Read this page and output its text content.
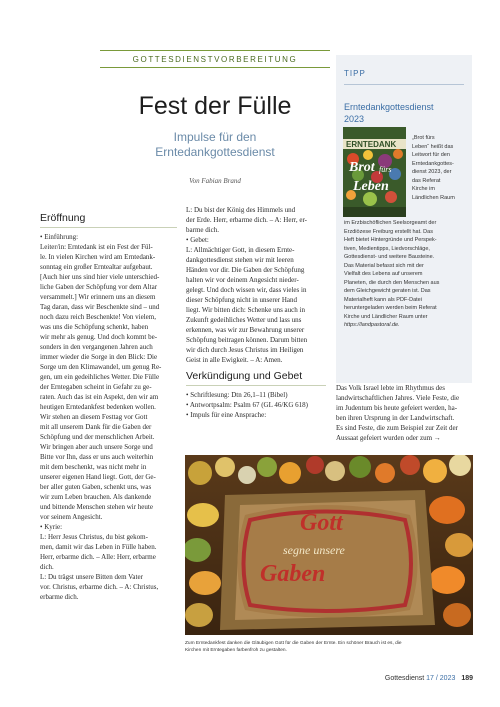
GOTTESDIENSTVORBEREITUNG
Fest der Fülle
Impulse für den
Erntedankgottesdienst
Von Fabian Brand
Eröffnung
• Einführung:
Leiter/in: Erntedank ist ein Fest der Fül-
le. In vielen Kirchen wird am Erntedank-
sonntag ein großer Erntealtar aufgebaut.
[Auch hier uns sind hier viele unterschied-
liche Gaben der Schöpfung vor dem Altar
versammelt.] Wir erinnern uns an diesem
Tag daran, dass wir Beschenkte sind – und
noch dazu reich Beschenkte! Von vielem,
was uns die Schöpfung schenkt, haben
wir mehr als genug. Und doch kommt be-
sonders in den vergangenen Jahren auch
immer wieder die Sorge in den Blick: Die
Sorge um den Klimawandel, um genug Re-
gen, um ein gedeihliches Wetter. Die Fülle
der Erntegaben scheint in Gefahr zu ge-
raten. Auch das ist ein Aspekt, den wir am
heutigen Erntedankfest bedenken wollen.
Wir stehen an diesem Festtag vor Gott
mit all unserem Dank für die Gaben der
Schöpfung und der menschlichen Arbeit.
Wir bringen aber auch unsere Sorge und
Bitte vor Ihn, dass er uns auch weiterhin
mit dem beschenkt, was nicht mehr in
unserer eigenen Hand liegt. Gott, der Ge-
ber aller guten Gaben, schenkt uns, was
wir zum Leben brauchen. Als dankende
und bittende Menschen stehen wir heute
vor seinem Angesicht.
• Kyrie:
L: Herr Jesus Christus, du bist gekom-
men, damit wir das Leben in Fülle haben.
Herr, erbarme dich. – Alle: Herr, erbarme
dich.
L: Du trägst unsere Bitten dem Vater
vor. Christus, erbarme dich. – A: Christus,
erbarme dich.
L: Du bist der König des Himmels und
der Erde. Herr, erbarme dich. – A: Herr, er-
barme dich.
• Gebet:
L: Allmächtiger Gott, in diesem Ernte-
dankgottesdienst stehen wir mit leeren
Händen vor dir. Die Gaben der Schöpfung
halten wir vor deinem Angesicht nieder-
gelegt. Und doch wissen wir, dass vieles in
dieser Schöpfung nicht in unserer Hand
liegt. Wir bitten dich: Schenke uns auch in
Zukunft gedeihliches Wetter und lass uns
erkennen, was wir zur Bewahrung unserer
Schöpfung beitragen können. Darum bitten
wir dich durch Jesus Christus im Heiligen
Geist in alle Ewigkeit. – A: Amen.
Verkündigung und Gebet
• Schriftlesung: Dtn 26,1–11 (Bibel)
• Antwortpsalm: Psalm 67 (GL 46/KG 618)
• Impuls für eine Ansprache:
TIPP
Erntedankgottesdienst
2023
ERNTEDANK
Brot fürs
Leben
„Brot fürs
Leben“ heißt das
Leitwort für den
Erntedankgottes-
dienst 2023, der
das Referat
Kirche im
Ländlichen Raum
im Erzbischöflichen Seelsorgeamt der
Erzdiözese Freiburg erstellt hat. Das
Heft bietet Hintergründe und Perspek-
tiven, Medientipps, Liedvorschläge,
Gottesdienst- und weitere Bausteine.
Das Material befasst sich mit der
Vielfalt des Lebens auf unserem
Planeten, die durch den Menschen aus
dem Gleichgewicht geraten ist. Das
Materialheft kann als PDF-Datei
heruntergeladen werden beim Referat
Kirche und Ländlicher Raum unter
https://landpastoral.de.
Das Volk Israel lebte im Rhythmus des
landwirtschaftlichen Jahres. Viele Feste, die
im Judentum bis heute gefeiert werden, ha-
ben ihren Ursprung in der Landwirtschaft.
Es sind Feste, die zum Beispiel zur Zeit der
Aussaat gefeiert wurden oder zum →
Gott
segne unsere
Gaben
Zum Erntedankfest danken die Gläubigen Gott für die Gaben der Ernte. Ein schöner Brauch ist es, die
Kirchen mit Erntegaben farbenfroh zu gestalten.
Gottesdienst 17 / 2023 189
